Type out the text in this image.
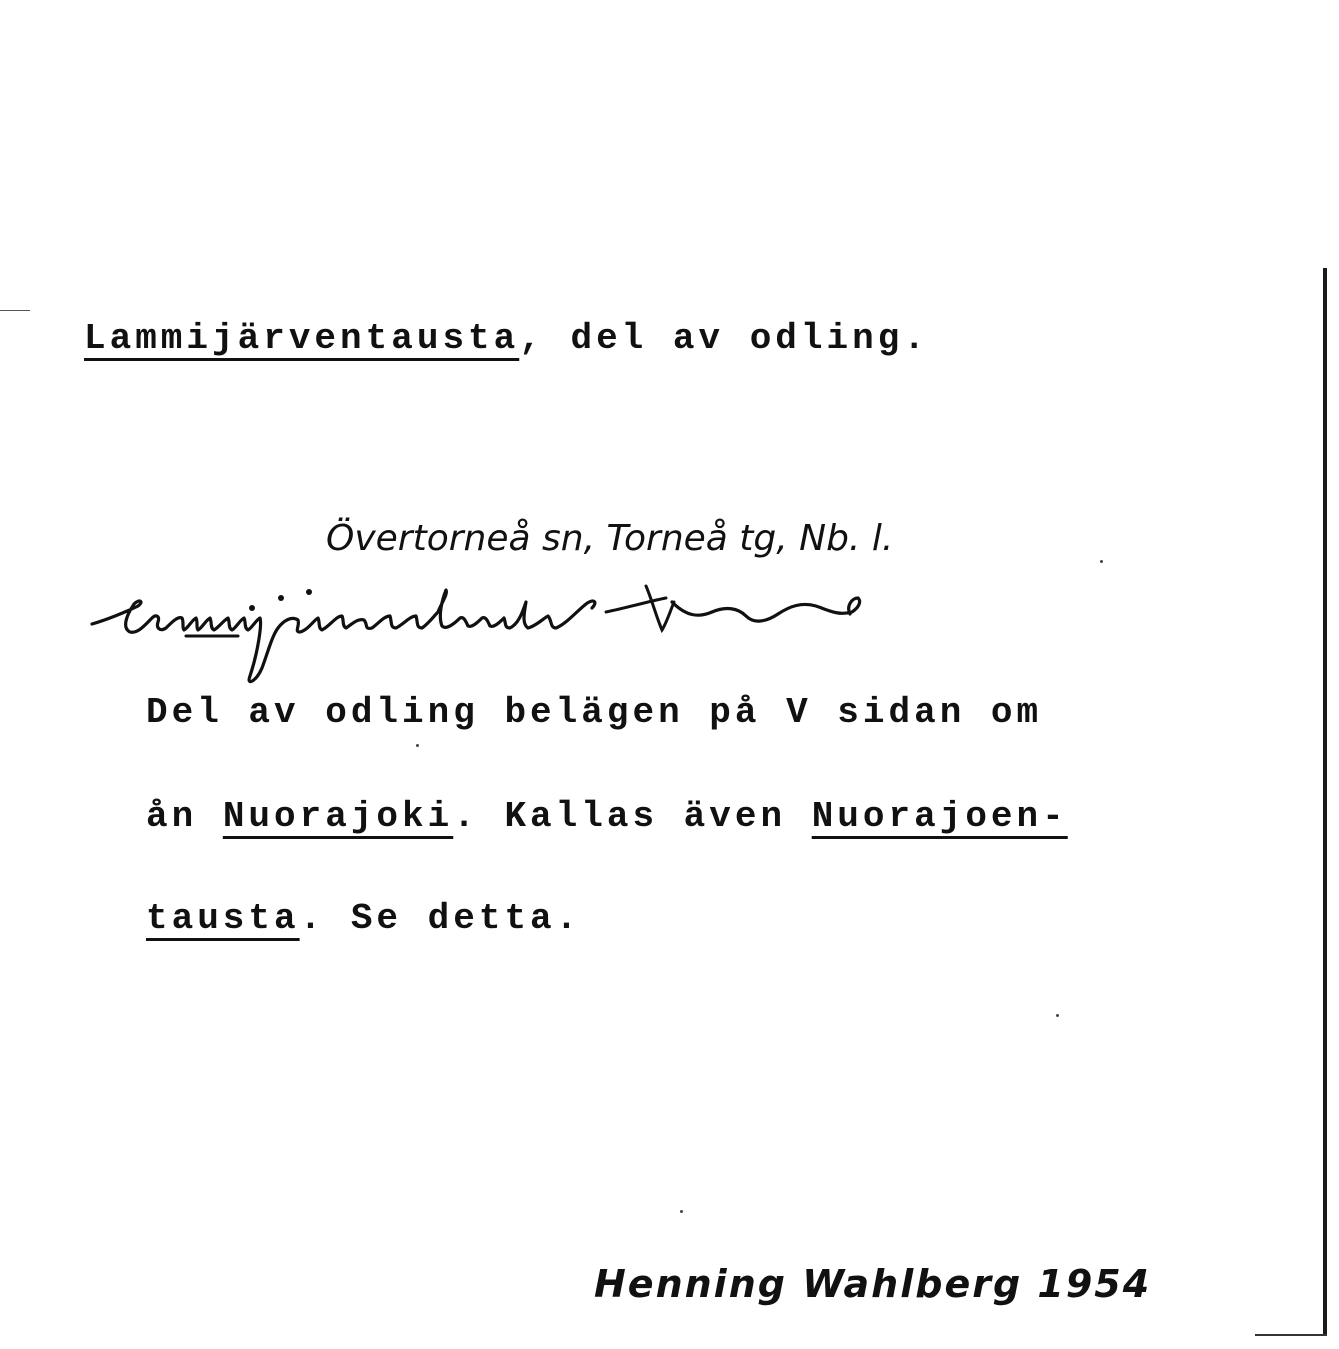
Lammijärventausta, del av odling.
Övertorneå sn, Torneå tg, Nb. l.
Del av odling belägen på V sidan om
ån Nuorajoki. Kallas även Nuorajoen-
tausta. Se detta.
Henning Wahlberg 1954
